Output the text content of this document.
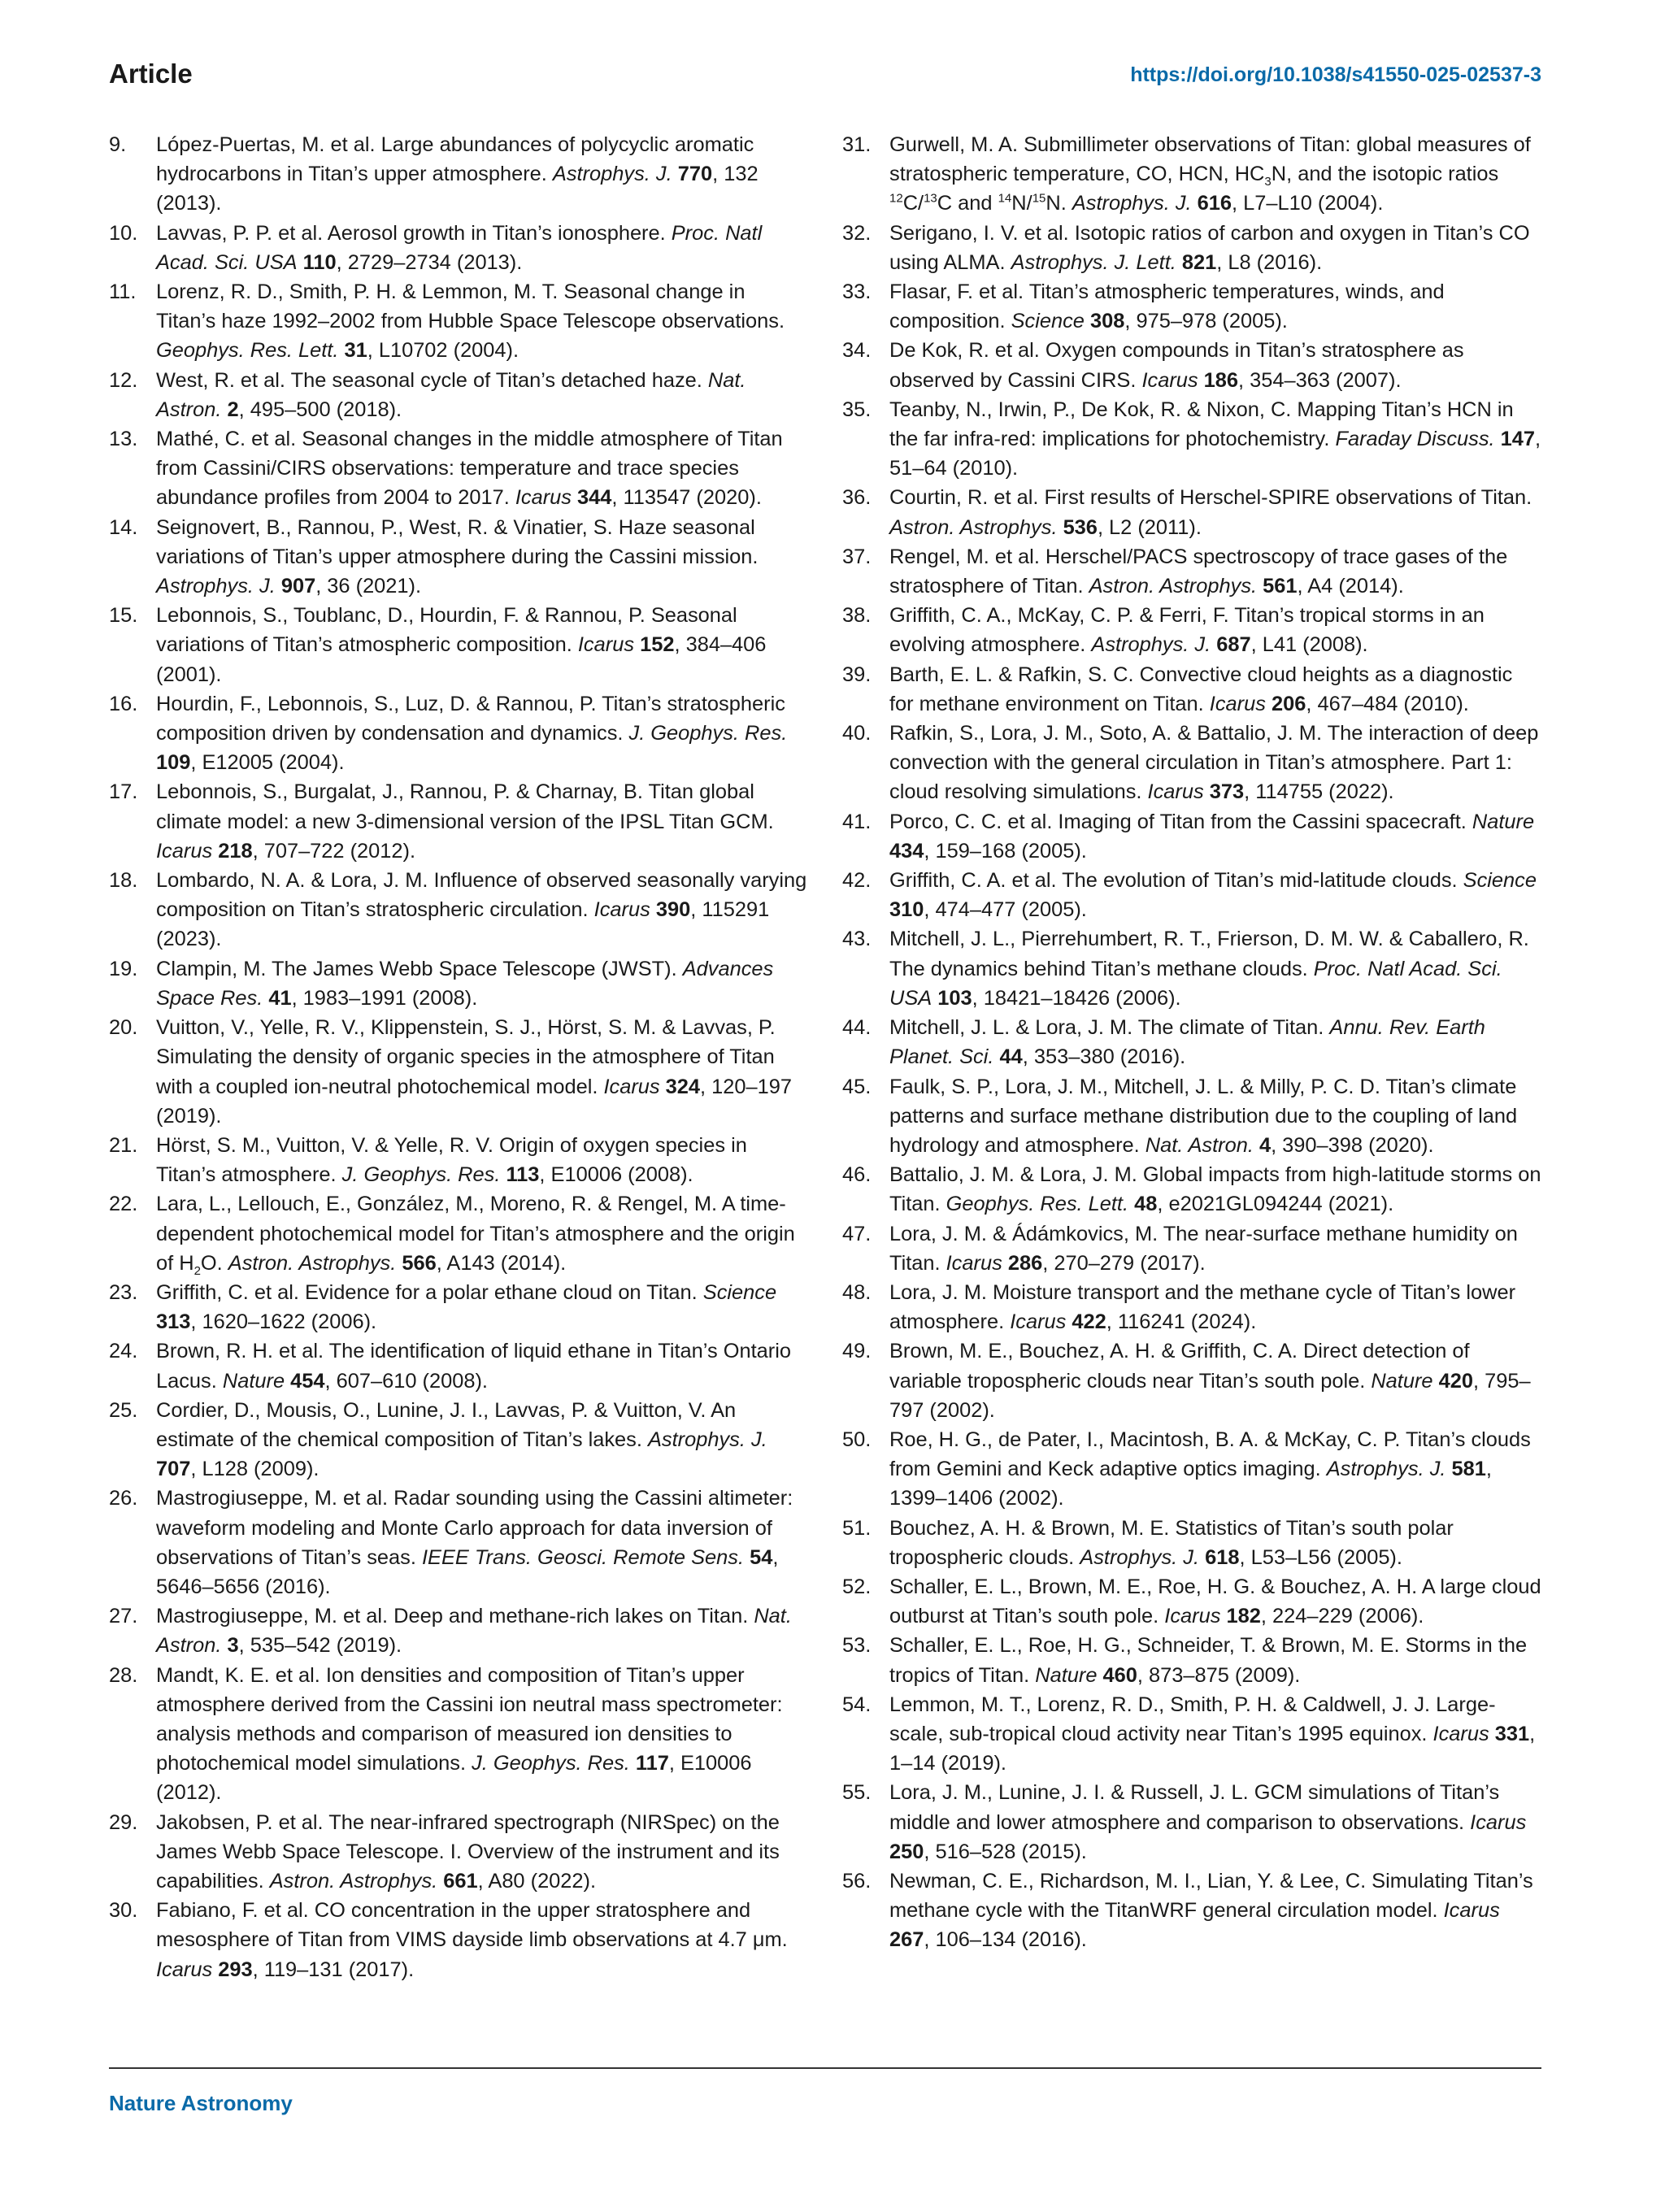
Article	https://doi.org/10.1038/s41550-025-02537-3
9. López-Puertas, M. et al. Large abundances of polycyclic aromatic hydrocarbons in Titan’s upper atmosphere. Astrophys. J. 770, 132 (2013).
10. Lavvas, P. P. et al. Aerosol growth in Titan’s ionosphere. Proc. Natl Acad. Sci. USA 110, 2729–2734 (2013).
11. Lorenz, R. D., Smith, P. H. & Lemmon, M. T. Seasonal change in Titan’s haze 1992–2002 from Hubble Space Telescope observations. Geophys. Res. Lett. 31, L10702 (2004).
12. West, R. et al. The seasonal cycle of Titan’s detached haze. Nat. Astron. 2, 495–500 (2018).
13. Mathé, C. et al. Seasonal changes in the middle atmosphere of Titan from Cassini/CIRS observations: temperature and trace species abundance profiles from 2004 to 2017. Icarus 344, 113547 (2020).
14. Seignovert, B., Rannou, P., West, R. & Vinatier, S. Haze seasonal variations of Titan’s upper atmosphere during the Cassini mission. Astrophys. J. 907, 36 (2021).
15. Lebonnois, S., Toublanc, D., Hourdin, F. & Rannou, P. Seasonal variations of Titan’s atmospheric composition. Icarus 152, 384–406 (2001).
16. Hourdin, F., Lebonnois, S., Luz, D. & Rannou, P. Titan’s stratospheric composition driven by condensation and dynamics. J. Geophys. Res. 109, E12005 (2004).
17. Lebonnois, S., Burgalat, J., Rannou, P. & Charnay, B. Titan global climate model: a new 3-dimensional version of the IPSL Titan GCM. Icarus 218, 707–722 (2012).
18. Lombardo, N. A. & Lora, J. M. Influence of observed seasonally varying composition on Titan’s stratospheric circulation. Icarus 390, 115291 (2023).
19. Clampin, M. The James Webb Space Telescope (JWST). Advances Space Res. 41, 1983–1991 (2008).
20. Vuitton, V., Yelle, R. V., Klippenstein, S. J., Hörst, S. M. & Lavvas, P. Simulating the density of organic species in the atmosphere of Titan with a coupled ion-neutral photochemical model. Icarus 324, 120–197 (2019).
21. Hörst, S. M., Vuitton, V. & Yelle, R. V. Origin of oxygen species in Titan’s atmosphere. J. Geophys. Res. 113, E10006 (2008).
22. Lara, L., Lellouch, E., González, M., Moreno, R. & Rengel, M. A time-dependent photochemical model for Titan’s atmosphere and the origin of $H_2O$. Astron. Astrophys. 566, A143 (2014).
23. Griffith, C. et al. Evidence for a polar ethane cloud on Titan. Science 313, 1620–1622 (2006).
24. Brown, R. H. et al. The identification of liquid ethane in Titan’s Ontario Lacus. Nature 454, 607–610 (2008).
25. Cordier, D., Mousis, O., Lunine, J. I., Lavvas, P. & Vuitton, V. An estimate of the chemical composition of Titan’s lakes. Astrophys. J. 707, L128 (2009).
26. Mastrogiuseppe, M. et al. Radar sounding using the Cassini altimeter: waveform modeling and Monte Carlo approach for data inversion of observations of Titan’s seas. IEEE Trans. Geosci. Remote Sens. 54, 5646–5656 (2016).
27. Mastrogiuseppe, M. et al. Deep and methane-rich lakes on Titan. Nat. Astron. 3, 535–542 (2019).
28. Mandt, K. E. et al. Ion densities and composition of Titan’s upper atmosphere derived from the Cassini ion neutral mass spectrometer: analysis methods and comparison of measured ion densities to photochemical model simulations. J. Geophys. Res. 117, E10006 (2012).
29. Jakobsen, P. et al. The near-infrared spectrograph (NIRSpec) on the James Webb Space Telescope. I. Overview of the instrument and its capabilities. Astron. Astrophys. 661, A80 (2022).
30. Fabiano, F. et al. CO concentration in the upper stratosphere and mesosphere of Titan from VIMS dayside limb observations at 4.7 μm. Icarus 293, 119–131 (2017).
31. Gurwell, M. A. Submillimeter observations of Titan: global measures of stratospheric temperature, CO, HCN, $HC_3N$, and the isotopic ratios $^{12}$C/$^{13}$C and $^{14}$N/$^{15}$N. Astrophys. J. 616, L7–L10 (2004).
32. Serigano, I. V. et al. Isotopic ratios of carbon and oxygen in Titan’s CO using ALMA. Astrophys. J. Lett. 821, L8 (2016).
33. Flasar, F. et al. Titan’s atmospheric temperatures, winds, and composition. Science 308, 975–978 (2005).
34. De Kok, R. et al. Oxygen compounds in Titan’s stratosphere as observed by Cassini CIRS. Icarus 186, 354–363 (2007).
35. Teanby, N., Irwin, P., De Kok, R. & Nixon, C. Mapping Titan’s HCN in the far infra-red: implications for photochemistry. Faraday Discuss. 147, 51–64 (2010).
36. Courtin, R. et al. First results of Herschel-SPIRE observations of Titan. Astron. Astrophys. 536, L2 (2011).
37. Rengel, M. et al. Herschel/PACS spectroscopy of trace gases of the stratosphere of Titan. Astron. Astrophys. 561, A4 (2014).
38. Griffith, C. A., McKay, C. P. & Ferri, F. Titan’s tropical storms in an evolving atmosphere. Astrophys. J. 687, L41 (2008).
39. Barth, E. L. & Rafkin, S. C. Convective cloud heights as a diagnostic for methane environment on Titan. Icarus 206, 467–484 (2010).
40. Rafkin, S., Lora, J. M., Soto, A. & Battalio, J. M. The interaction of deep convection with the general circulation in Titan’s atmosphere. Part 1: cloud resolving simulations. Icarus 373, 114755 (2022).
41. Porco, C. C. et al. Imaging of Titan from the Cassini spacecraft. Nature 434, 159–168 (2005).
42. Griffith, C. A. et al. The evolution of Titan’s mid-latitude clouds. Science 310, 474–477 (2005).
43. Mitchell, J. L., Pierrehumbert, R. T., Frierson, D. M. W. & Caballero, R. The dynamics behind Titan’s methane clouds. Proc. Natl Acad. Sci. USA 103, 18421–18426 (2006).
44. Mitchell, J. L. & Lora, J. M. The climate of Titan. Annu. Rev. Earth Planet. Sci. 44, 353–380 (2016).
45. Faulk, S. P., Lora, J. M., Mitchell, J. L. & Milly, P. C. D. Titan’s climate patterns and surface methane distribution due to the coupling of land hydrology and atmosphere. Nat. Astron. 4, 390–398 (2020).
46. Battalio, J. M. & Lora, J. M. Global impacts from high-latitude storms on Titan. Geophys. Res. Lett. 48, e2021GL094244 (2021).
47. Lora, J. M. & Ádámkovics, M. The near-surface methane humidity on Titan. Icarus 286, 270–279 (2017).
48. Lora, J. M. Moisture transport and the methane cycle of Titan’s lower atmosphere. Icarus 422, 116241 (2024).
49. Brown, M. E., Bouchez, A. H. & Griffith, C. A. Direct detection of variable tropospheric clouds near Titan’s south pole. Nature 420, 795–797 (2002).
50. Roe, H. G., de Pater, I., Macintosh, B. A. & McKay, C. P. Titan’s clouds from Gemini and Keck adaptive optics imaging. Astrophys. J. 581, 1399–1406 (2002).
51. Bouchez, A. H. & Brown, M. E. Statistics of Titan’s south polar tropospheric clouds. Astrophys. J. 618, L53–L56 (2005).
52. Schaller, E. L., Brown, M. E., Roe, H. G. & Bouchez, A. H. A large cloud outburst at Titan’s south pole. Icarus 182, 224–229 (2006).
53. Schaller, E. L., Roe, H. G., Schneider, T. & Brown, M. E. Storms in the tropics of Titan. Nature 460, 873–875 (2009).
54. Lemmon, M. T., Lorenz, R. D., Smith, P. H. & Caldwell, J. J. Large-scale, sub-tropical cloud activity near Titan’s 1995 equinox. Icarus 331, 1–14 (2019).
55. Lora, J. M., Lunine, J. I. & Russell, J. L. GCM simulations of Titan’s middle and lower atmosphere and comparison to observations. Icarus 250, 516–528 (2015).
56. Newman, C. E., Richardson, M. I., Lian, Y. & Lee, C. Simulating Titan’s methane cycle with the TitanWRF general circulation model. Icarus 267, 106–134 (2016).
Nature Astronomy
